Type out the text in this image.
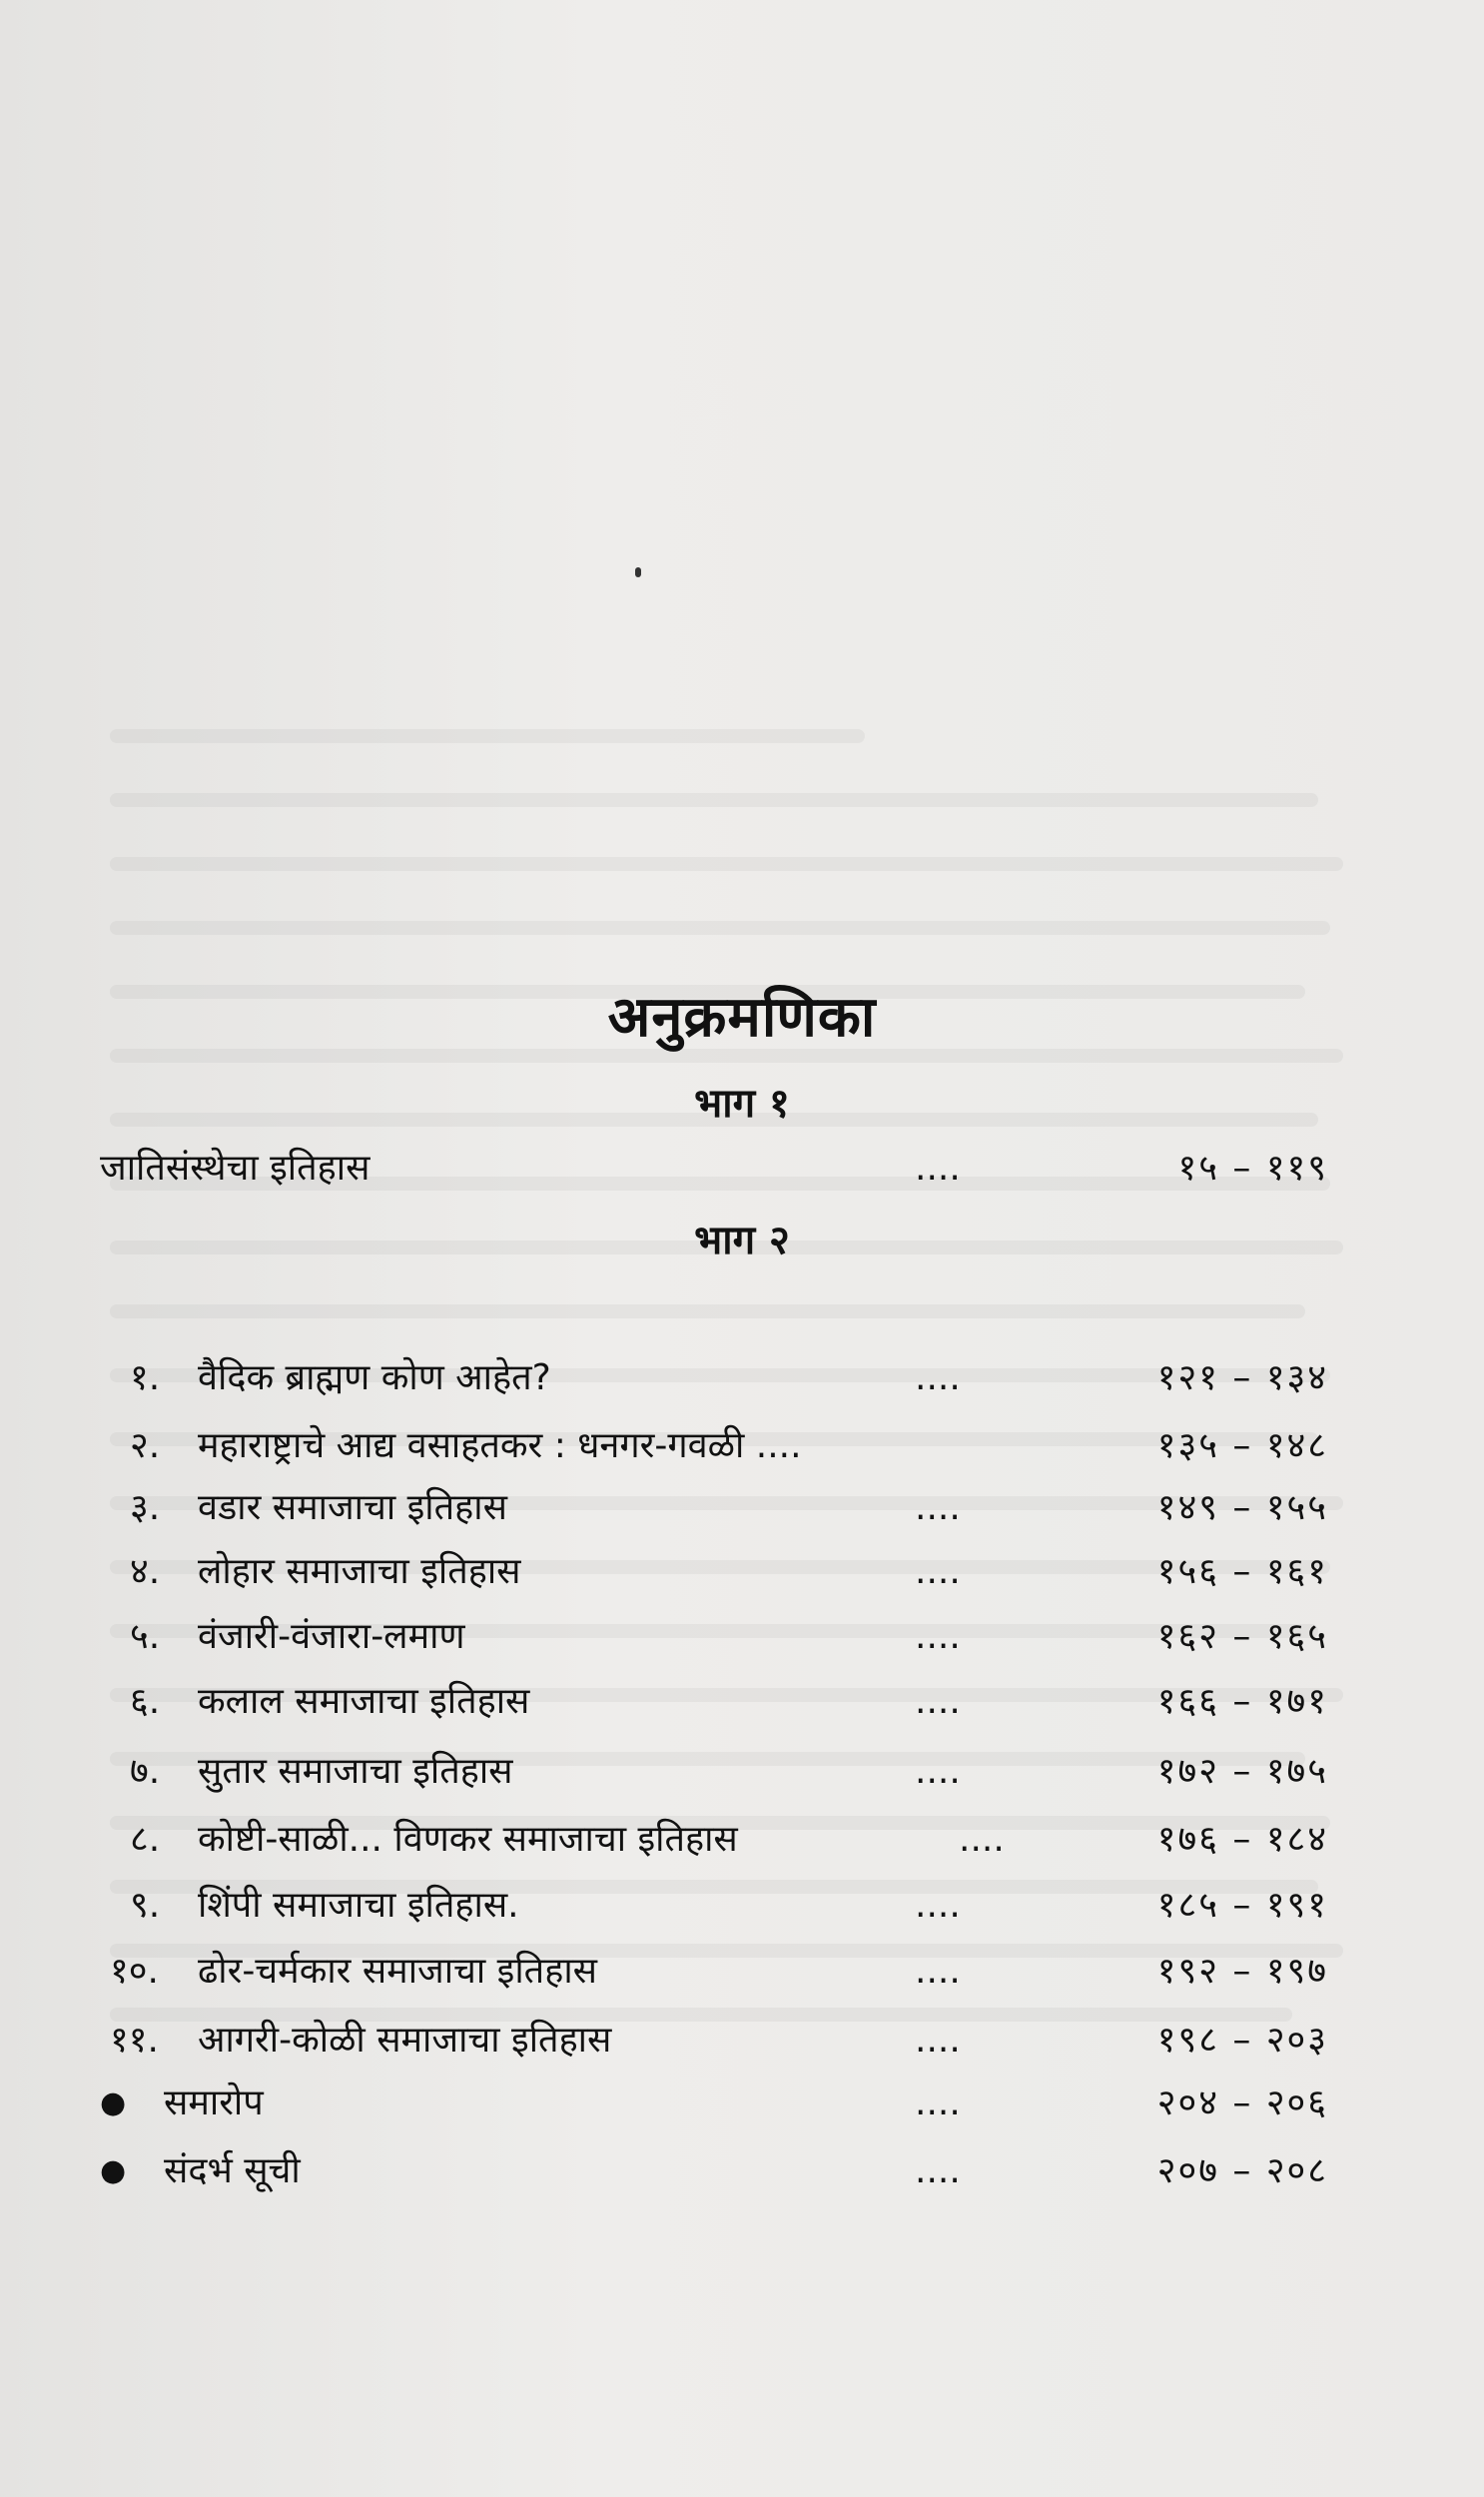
अनुक्रमणिका
भाग १
जातिसंस्थेचा इतिहास	....	१५ – ११९
भाग २
१. वैदिक ब्राह्मण कोण आहेत?	....	१२१ – १३४
२. महाराष्ट्राचे आद्य वसाहतकर : धनगर-गवळी ....	१३५ – १४८
३. वडार समाजाचा इतिहास	....	१४९ – १५५
४. लोहार समाजाचा इतिहास	....	१५६ – १६१
५. वंजारी-वंजारा-लमाण	....	१६२ – १६५
६. कलाल समाजाचा इतिहास	....	१६६ – १७१
७. सुतार समाजाचा इतिहास	....	१७२ – १७५
८. कोष्टी-साळी... विणकर समाजाचा इतिहास	....	१७६ – १८४
९. शिंपी समाजाचा इतिहास.	....	१८५ – १९१
१०. ढोर-चर्मकार समाजाचा इतिहास	....	१९२ – १९७
११. आगरी-कोळी समाजाचा इतिहास	....	१९८ – २०३
● समारोप	....	२०४ – २०६
● संदर्भ सूची	....	२०७ – २०८
